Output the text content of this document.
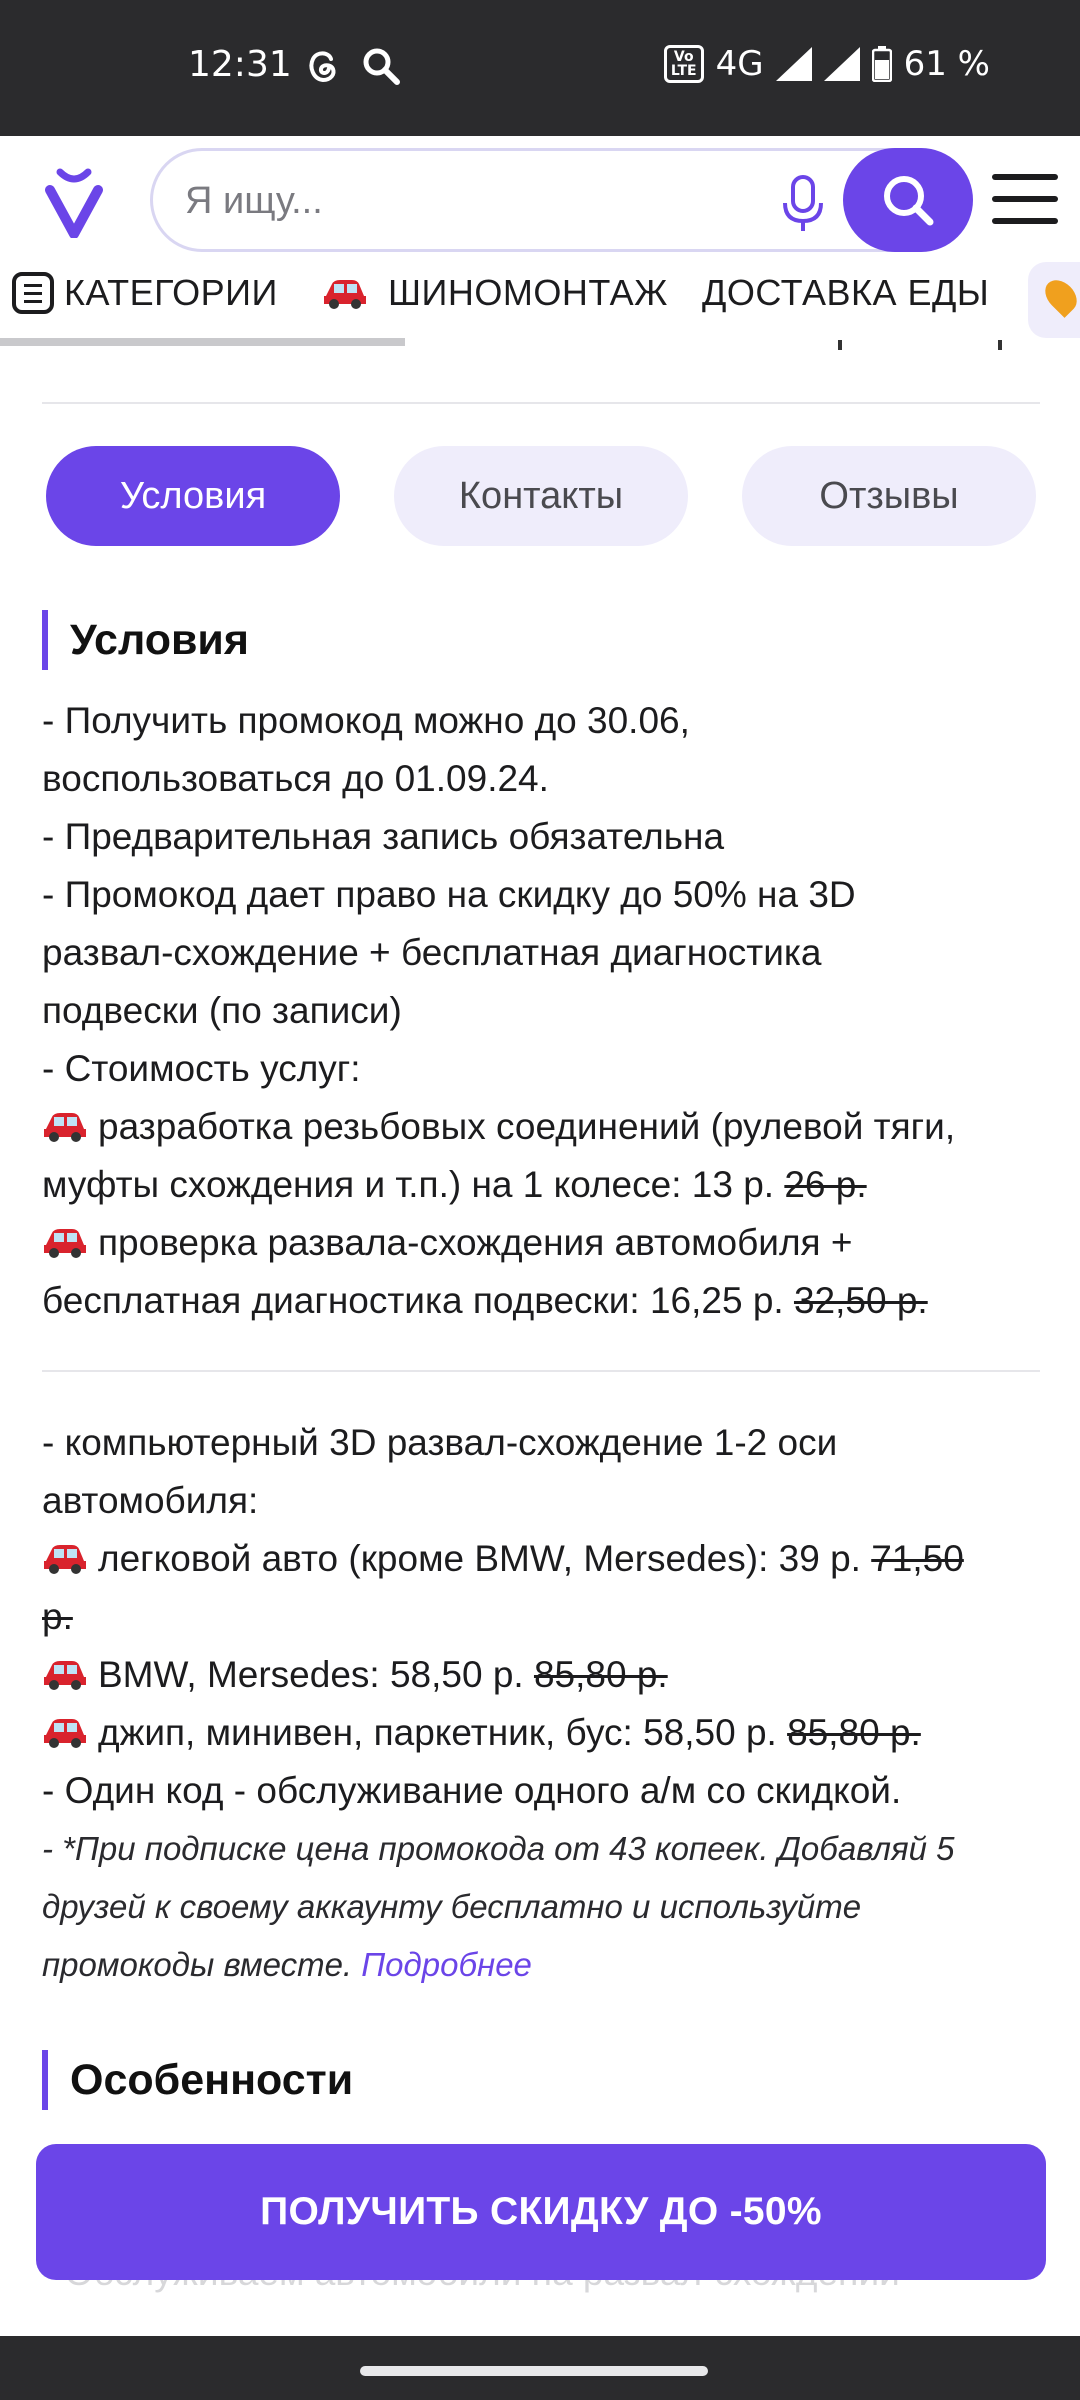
12:31	Vo
LTE 4G	61 %
Я ищу...
КАТЕГОРИИ	ШИНОМОНТАЖ ДОСТАВКА ЕДЫ
Условия	Контакты	Отзывы
Условия
- Получить промокод можно до 30.06,
воспользоваться до 01.09.24.
- Предварительная запись обязательна
- Промокод дает право на скидку до 50% на 3D
развал-схождение + бесплатная диагностика
подвески (по записи)
- Стоимость услуг:
разработка резьбовых соединений (рулевой тяги,
муфты схождения и т.п.) на 1 колесе: 13 р. 26 р.
проверка развала-схождения автомобиля +
бесплатная диагностика подвески: 16,25 р. 32,50 р.
- компьютерный 3D развал-схождение 1-2 оси
автомобиля:
легковой авто (кроме BMW, Mersedes): 39 р. 71,50
р.
BMW, Mersedes: 58,50 р. 85,80 р.
джип, минивен, паркетник, бус: 58,50 р. 85,80 р.
- Один код - обслуживание одного а/м со скидкой.
- *При подписке цена промокода от 43 копеек. Добавляй 5
друзей к своему аккаунту бесплатно и используйте
промокоды вместе. Подробнее
Особенности
ПОЛУЧИТЬ СКИДКУ ДО -50%
